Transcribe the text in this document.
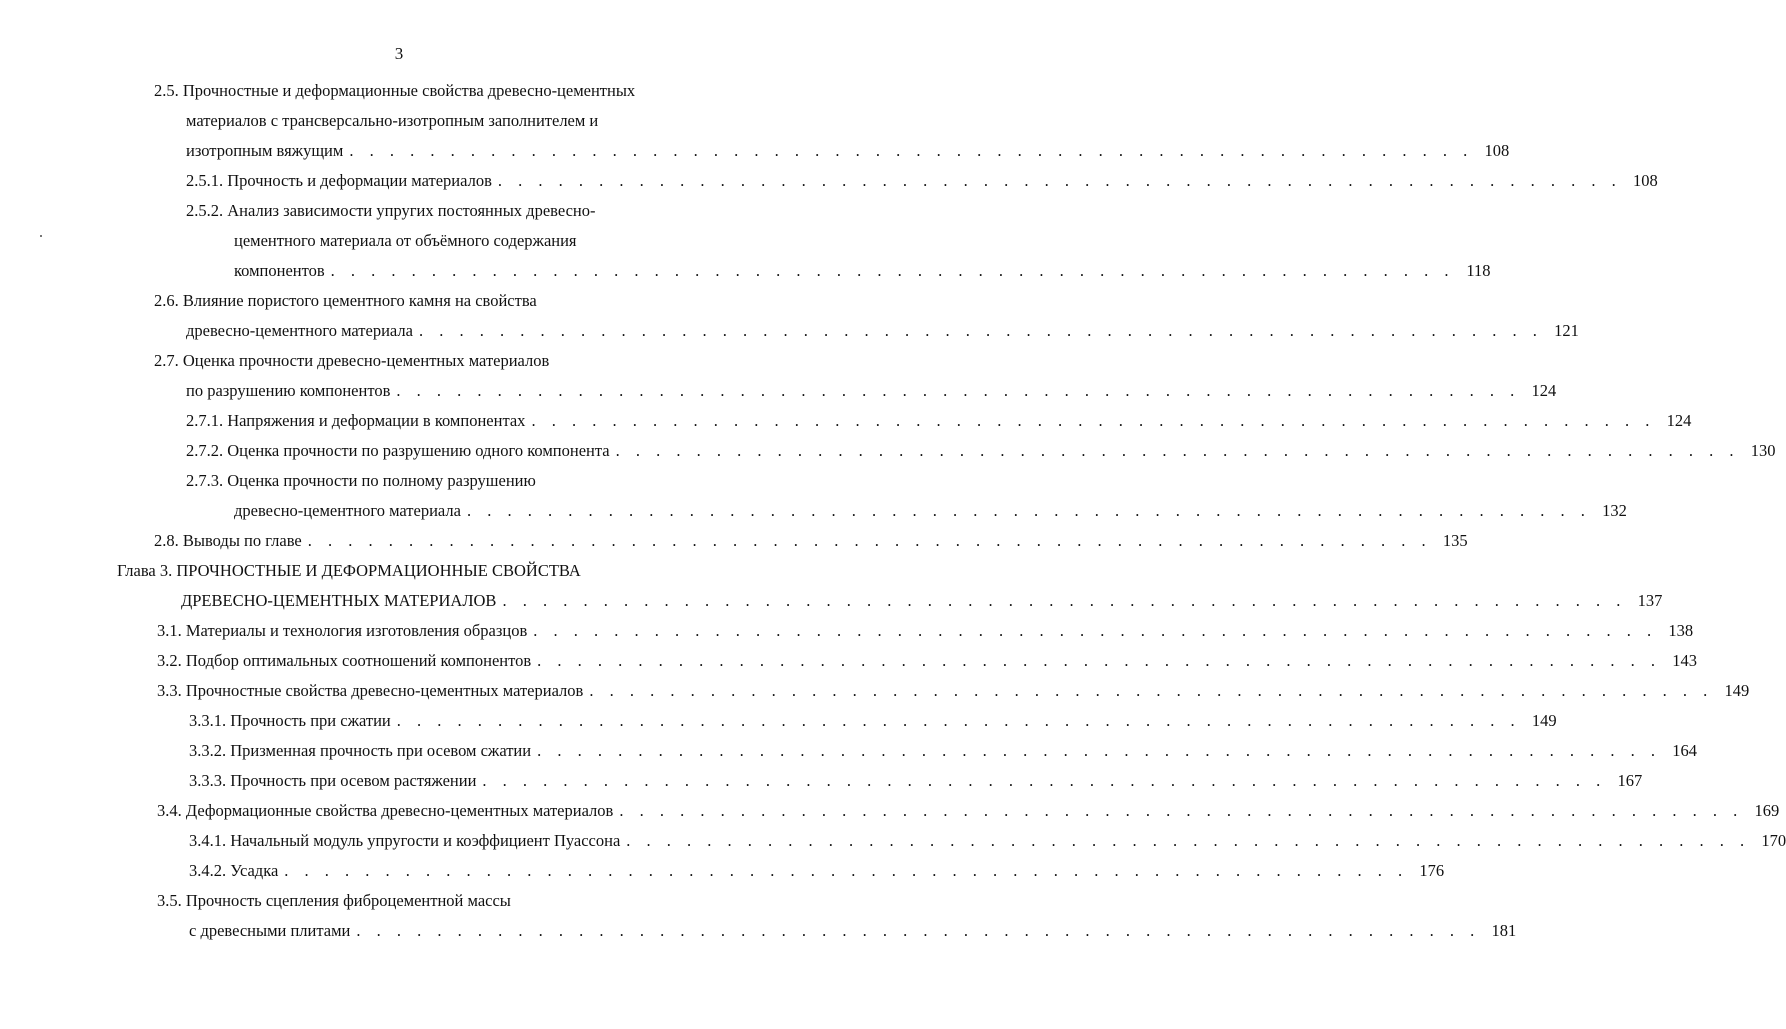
3
2.5. Прочностные и деформационные свойства древесно-цементных
материалов с трансверсально-изотропным заполнителем и
изотропным вяжущим . . . . . . . . . . . . . . . . . . . . . . . . . . . . . . . . . . . . . . . . . . . . . . . . . . . . . . . . 108
2.5.1. Прочность и деформации материалов . . . . . . . . . . . . . . . . . . . . . . . . . . . . . . . . . . . . . . . . . . . . . . . . . . . . . . . . 108
2.5.2. Анализ зависимости упругих постоянных древесно-
цементного материала от объёмного содержания
компонентов . . . . . . . . . . . . . . . . . . . . . . . . . . . . . . . . . . . . . . . . . . . . . . . . . . . . . . . . 118
2.6. Влияние пористого цементного камня на свойства
древесно-цементного материала . . . . . . . . . . . . . . . . . . . . . . . . . . . . . . . . . . . . . . . . . . . . . . . . . . . . . . . . 121
2.7. Оценка прочности древесно-цементных материалов
по разрушению компонентов . . . . . . . . . . . . . . . . . . . . . . . . . . . . . . . . . . . . . . . . . . . . . . . . . . . . . . . . 124
2.7.1. Напряжения и деформации в компонентах . . . . . . . . . . . . . . . . . . . . . . . . . . . . . . . . . . . . . . . . . . . . . . . . . . . . . . . . 124
2.7.2. Оценка прочности по разрушению одного компонента . . . . . . . . . . . . . . . . . . . . . . . . . . . . . . . . . . . . . . . . . . . . . . . . . . . . . . . . 130
2.7.3. Оценка прочности по полному разрушению
древесно-цементного материала . . . . . . . . . . . . . . . . . . . . . . . . . . . . . . . . . . . . . . . . . . . . . . . . . . . . . . . . 132
2.8. Выводы по главе . . . . . . . . . . . . . . . . . . . . . . . . . . . . . . . . . . . . . . . . . . . . . . . . . . . . . . . . 135
Глава 3. ПРОЧНОСТНЫЕ И ДЕФОРМАЦИОННЫЕ СВОЙСТВА
ДРЕВЕСНО-ЦЕМЕНТНЫХ МАТЕРИАЛОВ . . . . . . . . . . . . . . . . . . . . . . . . . . . . . . . . . . . . . . . . . . . . . . . . . . . . . . . . 137
3.1. Материалы и технология изготовления образцов . . . . . . . . . . . . . . . . . . . . . . . . . . . . . . . . . . . . . . . . . . . . . . . . . . . . . . . . 138
3.2. Подбор оптимальных соотношений компонентов . . . . . . . . . . . . . . . . . . . . . . . . . . . . . . . . . . . . . . . . . . . . . . . . . . . . . . . . 143
3.3. Прочностные свойства древесно-цементных материалов . . . . . . . . . . . . . . . . . . . . . . . . . . . . . . . . . . . . . . . . . . . . . . . . . . . . . . . . 149
3.3.1. Прочность при сжатии . . . . . . . . . . . . . . . . . . . . . . . . . . . . . . . . . . . . . . . . . . . . . . . . . . . . . . . . 149
3.3.2. Призменная прочность при осевом сжатии . . . . . . . . . . . . . . . . . . . . . . . . . . . . . . . . . . . . . . . . . . . . . . . . . . . . . . . . 164
3.3.3. Прочность при осевом растяжении . . . . . . . . . . . . . . . . . . . . . . . . . . . . . . . . . . . . . . . . . . . . . . . . . . . . . . . . 167
3.4. Деформационные свойства древесно-цементных материалов . . . . . . . . . . . . . . . . . . . . . . . . . . . . . . . . . . . . . . . . . . . . . . . . . . . . . . . . 169
3.4.1. Начальный модуль упругости и коэффициент Пуассона . . . . . . . . . . . . . . . . . . . . . . . . . . . . . . . . . . . . . . . . . . . . . . . . . . . . . . . . 170
3.4.2. Усадка . . . . . . . . . . . . . . . . . . . . . . . . . . . . . . . . . . . . . . . . . . . . . . . . . . . . . . . . 176
3.5. Прочность сцепления фиброцементной массы
с древесными плитами . . . . . . . . . . . . . . . . . . . . . . . . . . . . . . . . . . . . . . . . . . . . . . . . . . . . . . . . 181
